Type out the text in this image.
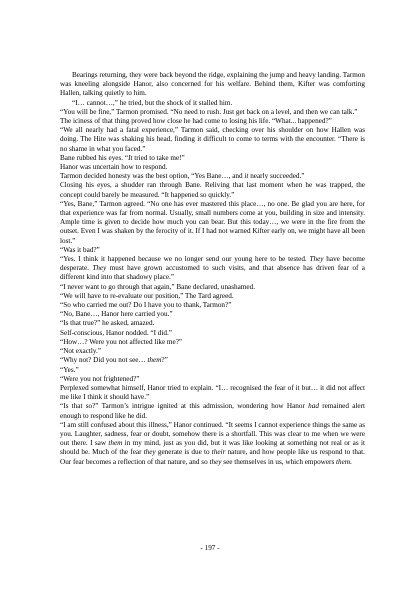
Bearings returning, they were back beyond the ridge, explaining the jump and heavy landing. Tarmon was kneeling alongside Hanor, also concerned for his welfare. Behind them, Kifter was comforting Hallen, talking quietly to him.

“I… cannot…,” he tried, but the shock of it stalled him.

“You will be fine,” Tarmon promised. “No need to rush. Just get back on a level, and then we can talk.”

The iciness of that thing proved how close he had come to losing his life. “What... happened?”

“We all nearly had a fatal experience,” Tarmon said, checking over his shoulder on how Hallen was doing. The Hite was shaking his head, finding it difficult to come to terms with the encounter. “There is no shame in what you faced.”

Bane rubbed his eyes. “It tried to take me!”

Hanor was uncertain how to respond.

Tarmon decided honesty was the best option, “Yes Bane…, and it nearly succeeded.”

Closing his eyes, a shudder ran through Bane. Reliving that last moment when he was trapped, the concept could barely be measured. “It happened so quickly.”

“Yes, Bane,” Tarmon agreed. “No one has ever mastered this place…, no one. Be glad you are here, for that experience was far from normal. Usually, small numbers come at you, building in size and intensity. Ample time is given to decide how much you can bear. But this today…, we were in the fire from the outset. Even I was shaken by the ferocity of it. If I had not warned Kifter early on, we might have all been lost.”

“Was it bad?”

“Yes. I think it happened because we no longer send our young here to be tested. They have become desperate. They must have grown accustomed to such visits, and that absence has driven fear of a different kind into that shadowy place.”

“I never want to go through that again,” Bane declared, unashamed.

“We will have to re-evaluate our position,” The Tard agreed.

“So who carried me out? Do I have you to thank, Tarmon?”

“No, Bane…, Hanor here carried you.”

“Is that true?” he asked, amazed.

Self-conscious, Hanor nodded. “I did.”

“How…? Were you not affected like me?”

“Not exactly.”

“Why not? Did you not see… them?”

“Yes.”

“Were you not frightened?”

Perplexed somewhat himself, Hanor tried to explain. “I… recognised the fear of it but… it did not affect me like I think it should have.”

“Is that so?” Tarmon’s intrigue ignited at this admission, wondering how Hanor had remained alert enough to respond like he did.

“I am still confused about this illness,” Hanor continued. “It seems I cannot experience things the same as you. Laughter, sadness, fear or doubt, somehow there is a shortfall. This was clear to me when we were out there. I saw them in my mind, just as you did, but it was like looking at something not real or as it should be. Much of the fear they generate is due to their nature, and how people like us respond to that. Our fear becomes a reflection of that nature, and so they see themselves in us, which empowers them.

- 197 -
